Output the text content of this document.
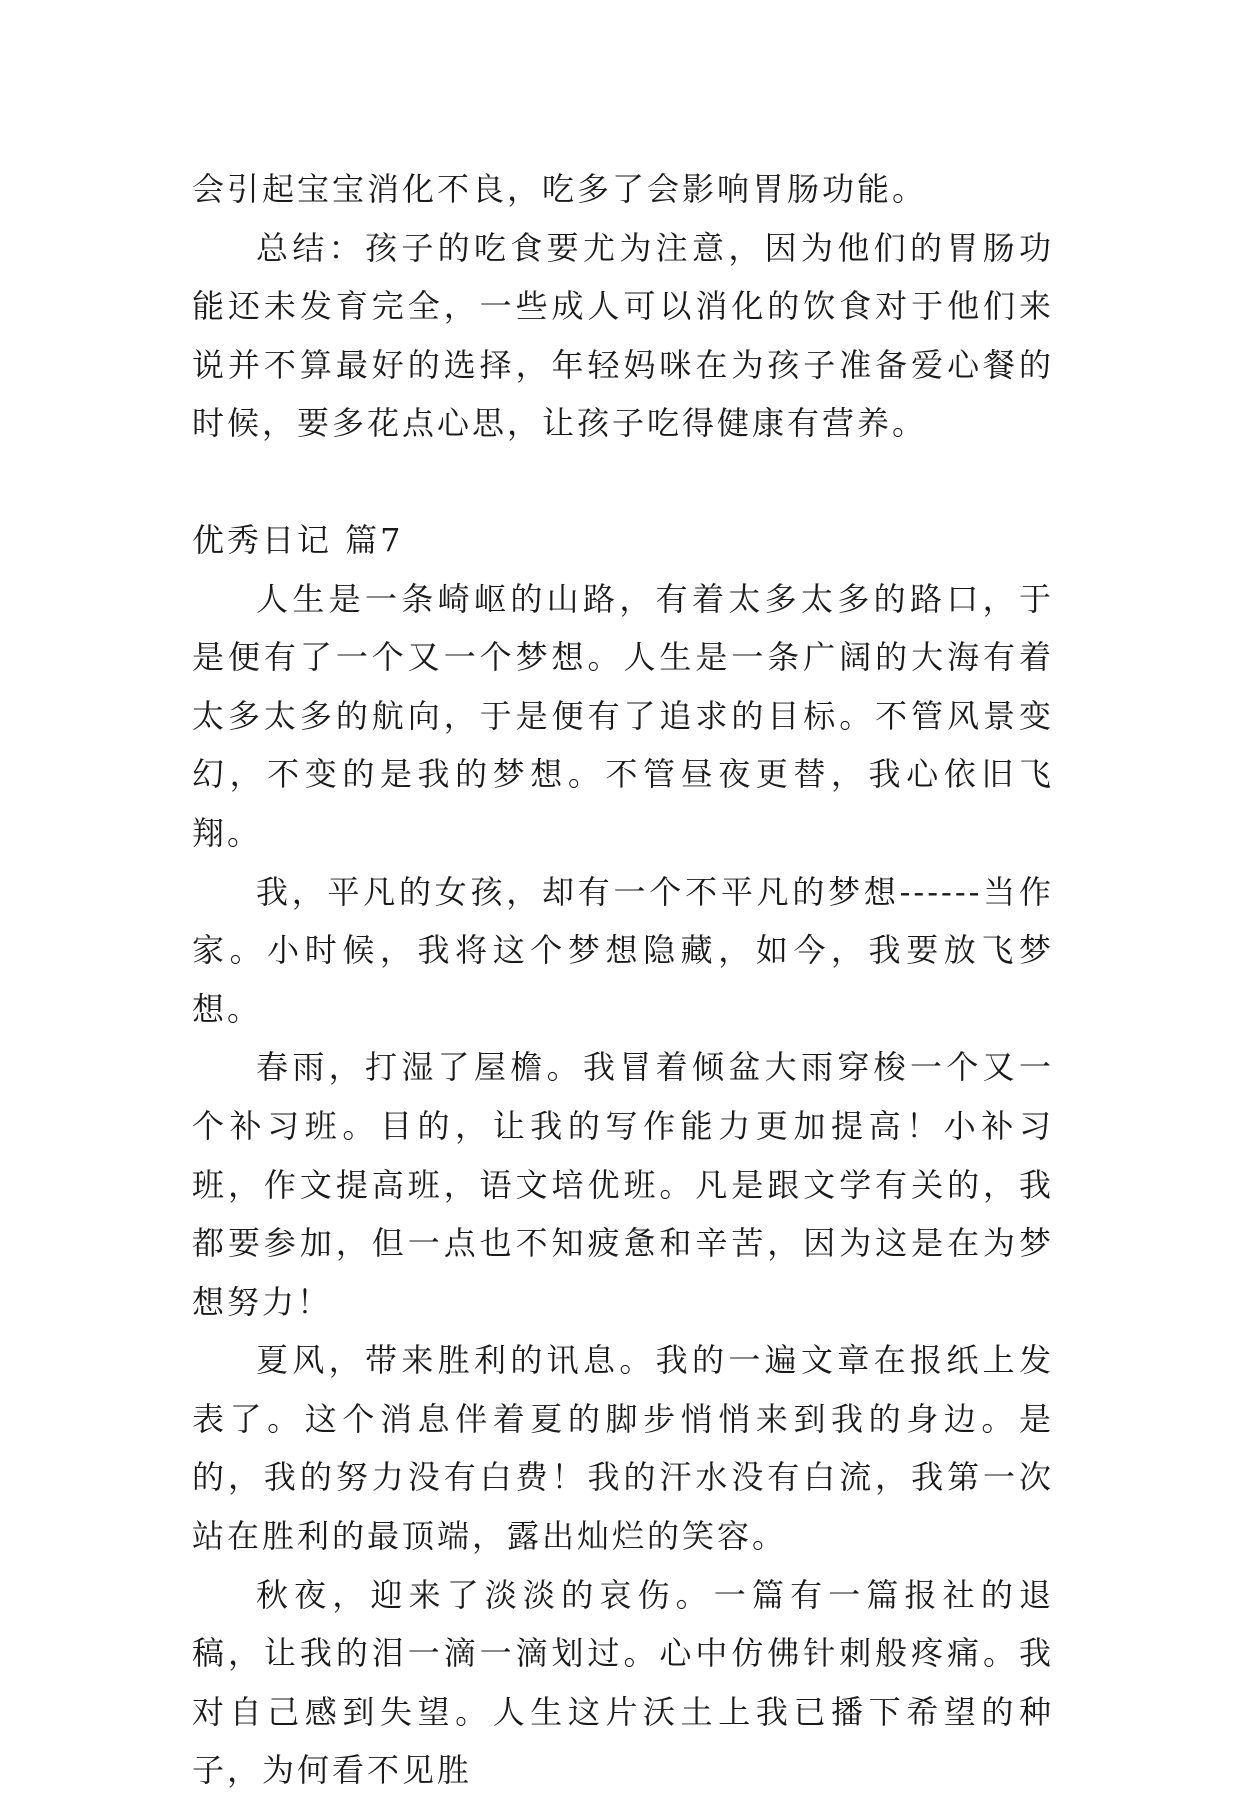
会引起宝宝消化不良，吃多了会影响胃肠功能。

总结：孩子的吃食要尤为注意，因为他们的胃肠功能还未发育完全，一些成人可以消化的饮食对于他们来说并不算最好的选择，年轻妈咪在为孩子准备爱心餐的时候，要多花点心思，让孩子吃得健康有营养。

优秀日记 篇7

人生是一条崎岖的山路，有着太多太多的路口，于是便有了一个又一个梦想。人生是一条广阔的大海有着太多太多的航向，于是便有了追求的目标。不管风景变幻，不变的是我的梦想。不管昼夜更替，我心依旧飞翔。

我，平凡的女孩，却有一个不平凡的梦想------当作家。小时候，我将这个梦想隐藏，如今，我要放飞梦想。

春雨，打湿了屋檐。我冒着倾盆大雨穿梭一个又一个补习班。目的，让我的写作能力更加提高！小补习班，作文提高班，语文培优班。凡是跟文学有关的，我都要参加，但一点也不知疲惫和辛苦，因为这是在为梦想努力！

夏风，带来胜利的讯息。我的一遍文章在报纸上发表了。这个消息伴着夏的脚步悄悄来到我的身边。是的，我的努力没有白费！我的汗水没有白流，我第一次站在胜利的最顶端，露出灿烂的笑容。

秋夜，迎来了淡淡的哀伤。一篇有一篇报社的退稿，让我的泪一滴一滴划过。心中仿佛针刺般疼痛。我对自己感到失望。人生这片沃土上我已播下希望的种子，为何看不见胜
